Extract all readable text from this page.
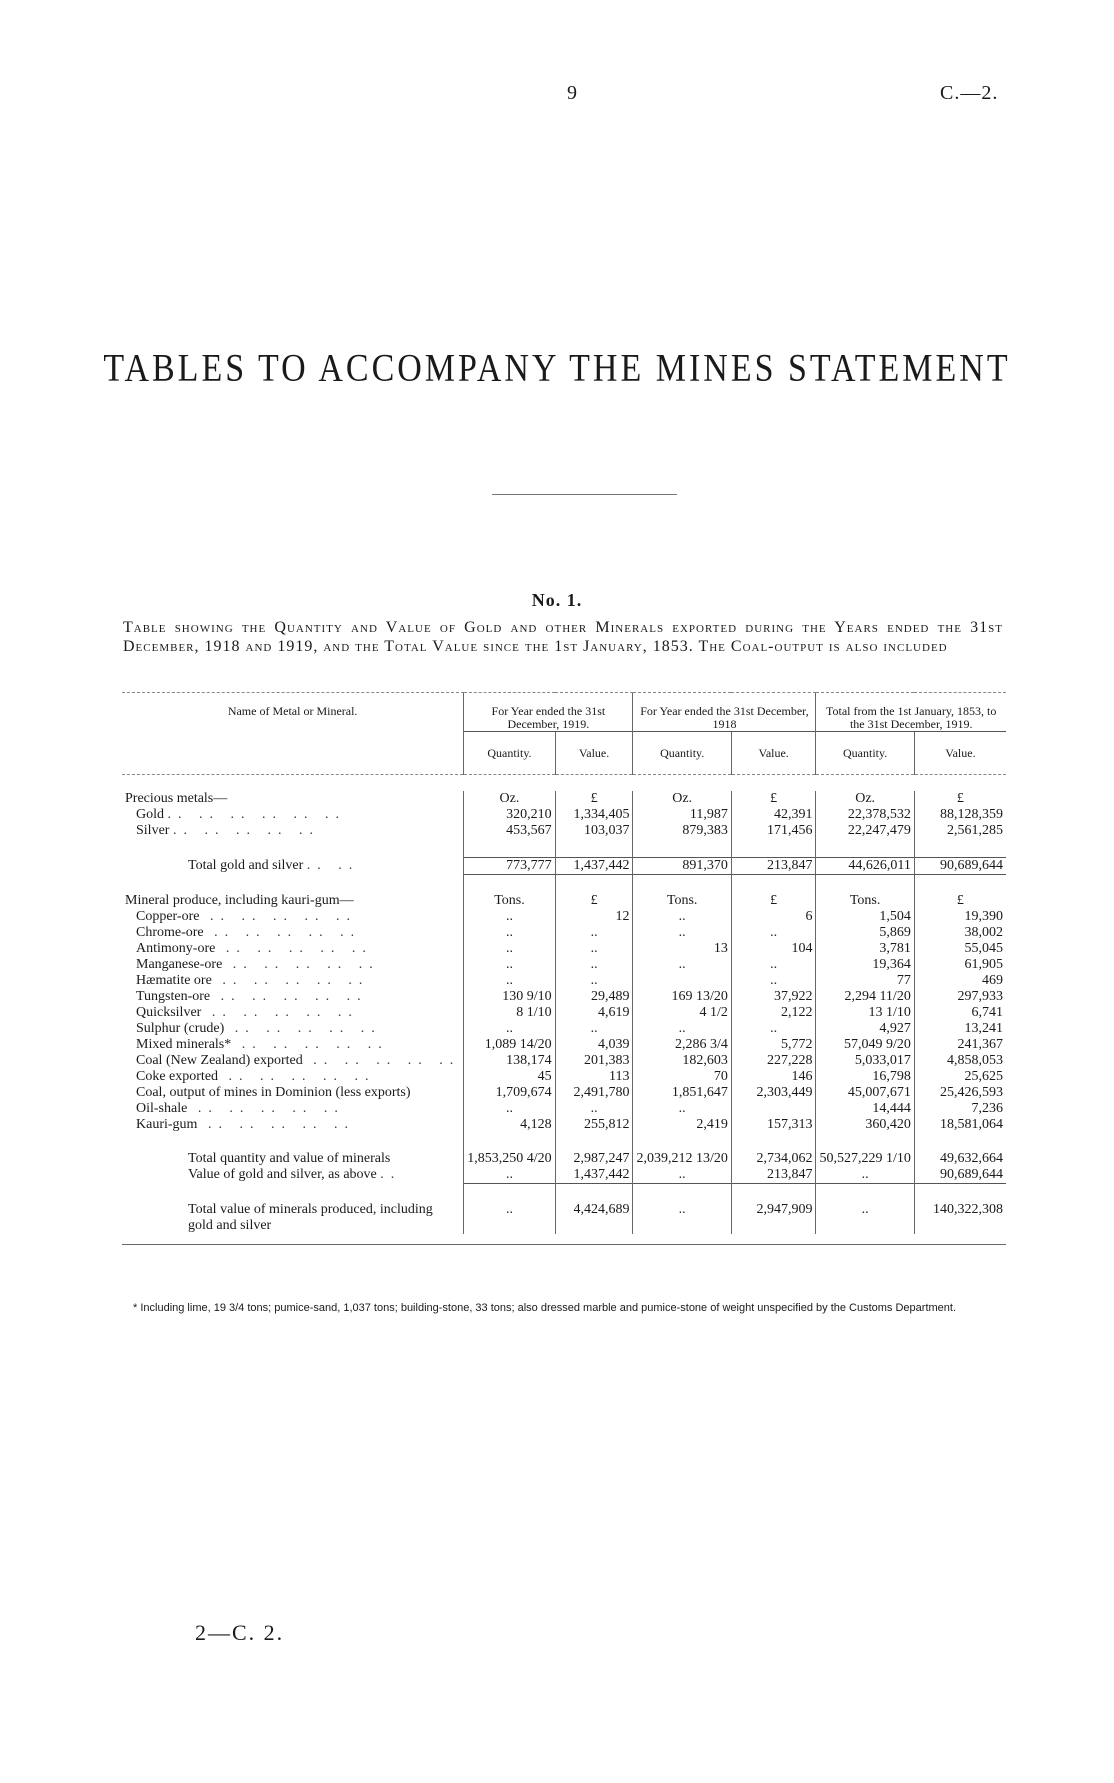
9	C.—2.
TABLES TO ACCOMPANY THE MINES STATEMENT
No. 1.
Table showing the Quantity and Value of Gold and other Minerals exported during the Years ended the 31st December, 1918 and 1919, and the Total Value since the 1st January, 1853. The Coal-output is also included

Name of Metal or Mineral.	For Year ended the 31st December, 1919.		For Year ended the 31st December, 1918		Total from the 1st January, 1853, to the 31st December, 1919.	
	Quantity.	Value.	Quantity.	Value.	Quantity.	Value.

Precious metals—	Oz.	£	Oz.	£	Oz.	£
Gold .. .. .. .. .. ..	320,210	1,334,405	11,987	42,391	22,378,532	88,128,359
Silver .. .. .. .. ..	453,567	103,037	879,383	171,456	22,247,479	2,561,285

Total gold and silver .. ..	773,777	1,437,442	891,370	213,847	44,626,011	90,689,644

Mineral produce, including kauri-gum—	Tons.	£	Tons.	£	Tons.	£
Copper-ore .. .. .. .. ..	..	12	..	6	1,504	19,390
Chrome-ore .. .. .. .. ..	..	..	..	..	5,869	38,002
Antimony-ore .. .. .. .. ..	..	..	13	104	3,781	55,045
Manganese-ore .. .. .. .. ..	..	..	..	..	19,364	61,905
Hæmatite ore .. .. .. .. ..	..	..		..	77	469
Tungsten-ore .. .. .. .. ..	130 9/10	29,489	169 13/20	37,922	2,294 11/20	297,933
Quicksilver .. .. .. .. ..	8 1/10	4,619	4 1/2	2,122	13 1/10	6,741
Sulphur (crude) .. .. .. .. ..	..	..	..	..	4,927	13,241
Mixed minerals* .. .. .. .. ..	1,089 14/20	4,039	2,286 3/4	5,772	57,049 9/20	241,367
Coal (New Zealand) exported .. .. .. .. ..	138,174	201,383	182,603	227,228	5,033,017	4,858,053
Coke exported .. .. .. .. ..	45	113	70	146	16,798	25,625
Coal, output of mines in Dominion (less exports)	1,709,674	2,491,780	1,851,647	2,303,449	45,007,671	25,426,593
Oil-shale .. .. .. .. ..	..	..	..		14,444	7,236
Kauri-gum .. .. .. .. ..	4,128	255,812	2,419	157,313	360,420	18,581,064

Total quantity and value of minerals	1,853,250 4/20	2,987,247	2,039,212 13/20	2,734,062	50,527,229 1/10	49,632,664
Value of gold and silver, as above ..	..	1,437,442	..	213,847	..	90,689,644

Total value of minerals produced, including gold and silver	..	4,424,689	..	2,947,909	..	140,322,308

* Including lime, 19 3/4 tons; pumice-sand, 1,037 tons; building-stone, 33 tons; also dressed marble and pumice-stone of weight unspecified by the Customs Department.
2—C. 2.
